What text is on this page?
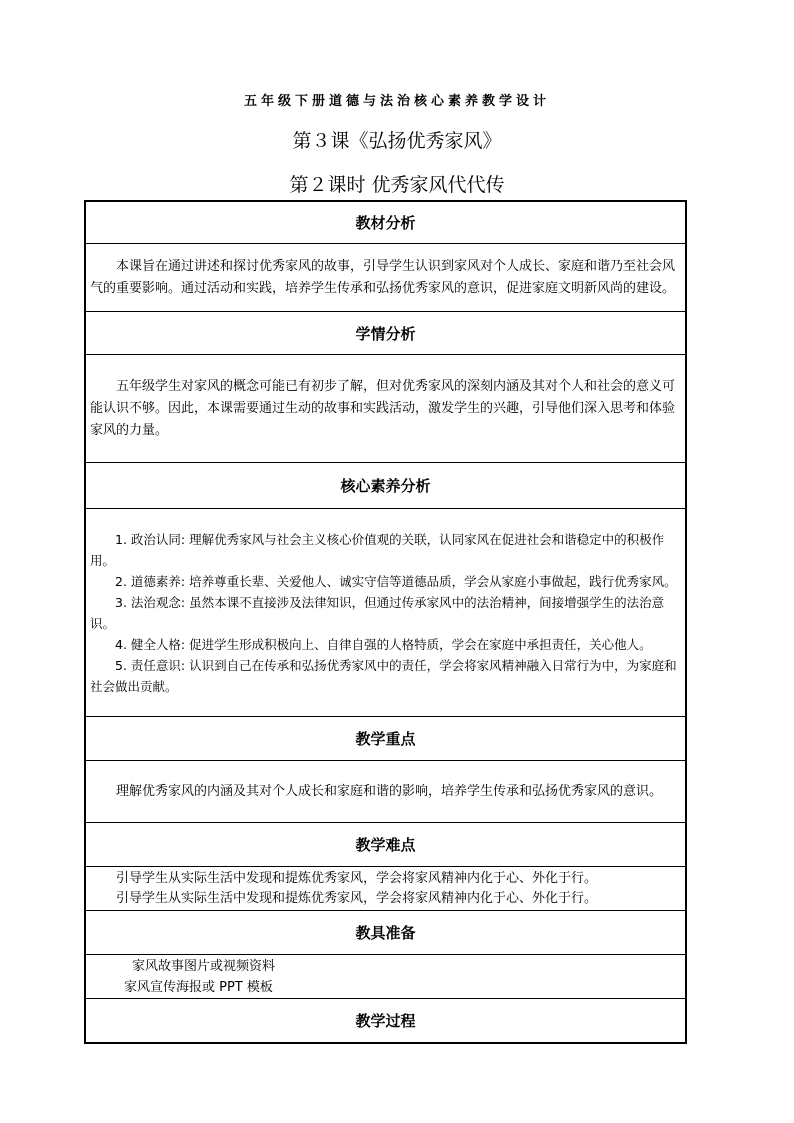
五年级下册道德与法治核心素养教学设计
第３课《弘扬优秀家风》
第２课时 优秀家风代代传
教材分析
本课旨在通过讲述和探讨优秀家风的故事，引导学生认识到家风对个人成长、家庭和谐乃至社会风气的重要影响。通过活动和实践，培养学生传承和弘扬优秀家风的意识，促进家庭文明新风尚的建设。
学情分析
五年级学生对家风的概念可能已有初步了解，但对优秀家风的深刻内涵及其对个人和社会的意义可能认识不够。因此，本课需要通过生动的故事和实践活动，激发学生的兴趣，引导他们深入思考和体验家风的力量。
核心素养分析
1. 政治认同: 理解优秀家风与社会主义核心价值观的关联，认同家风在促进社会和谐稳定中的积极作用。
2. 道德素养: 培养尊重长辈、关爱他人、诚实守信等道德品质，学会从家庭小事做起，践行优秀家风。
3. 法治观念: 虽然本课不直接涉及法律知识，但通过传承家风中的法治精神，间接增强学生的法治意识。
4. 健全人格: 促进学生形成积极向上、自律自强的人格特质，学会在家庭中承担责任，关心他人。
5. 责任意识: 认识到自己在传承和弘扬优秀家风中的责任，学会将家风精神融入日常行为中，为家庭和社会做出贡献。
教学重点
理解优秀家风的内涵及其对个人成长和家庭和谐的影响，培养学生传承和弘扬优秀家风的意识。
教学难点
引导学生从实际生活中发现和提炼优秀家风，学会将家风精神内化于心、外化于行。
引导学生从实际生活中发现和提炼优秀家风，学会将家风精神内化于心、外化于行。
教具准备
家风故事图片或视频资料
家风宣传海报或 PPT 模板
教学过程
